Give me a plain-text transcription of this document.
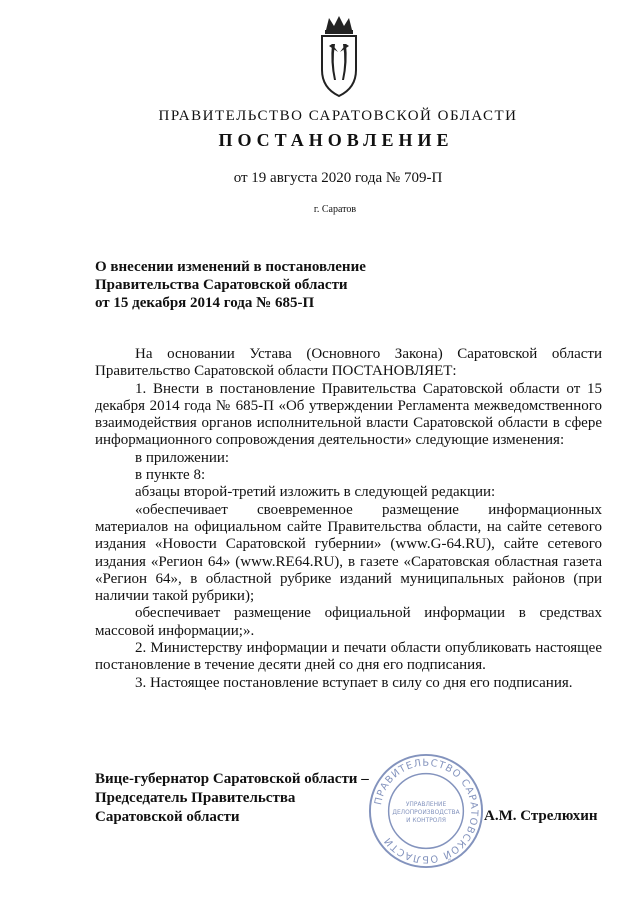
ПРАВИТЕЛЬСТВО САРАТОВСКОЙ ОБЛАСТИ
ПОСТАНОВЛЕНИЕ
от 19 августа 2020 года № 709-П
г. Саратов
О внесении изменений в постановление
Правительства Саратовской области
от 15 декабря 2014 года № 685-П

На основании Устава (Основного Закона) Саратовской области Правительство Саратовской области ПОСТАНОВЛЯЕТ:

1. Внести в постановление Правительства Саратовской области от 15 декабря 2014 года № 685-П «Об утверждении Регламента межведомственного взаимодействия органов исполнительной власти Саратовской области в сфере информационного сопровождения деятельности» следующие изменения:

в приложении:

в пункте 8:

абзацы второй-третий изложить в следующей редакции:

«обеспечивает своевременное размещение информационных материалов на официальном сайте Правительства области, на сайте сетевого издания «Новости Саратовской губернии» (www.G-64.RU), сайте сетевого издания «Регион 64» (www.RE64.RU), в газете «Саратовская областная газета «Регион 64», в областной рубрике изданий муниципальных районов (при наличии такой рубрики);

обеспечивает размещение официальной информации в средствах массовой информации;».

2. Министерству информации и печати области опубликовать настоящее постановление в течение десяти дней со дня его подписания.

3. Настоящее постановление вступает в силу со дня его подписания.

ПРАВИТЕЛЬСТВО САРАТОВСКОЙ ОБЛАСТИ
УПРАВЛЕНИЕ
ДЕЛОПРОИЗВОДСТВА
И КОНТРОЛЯ
Вице-губернатор Саратовской области –
Председатель Правительства
Саратовской области	А.М. Стрелюхин
